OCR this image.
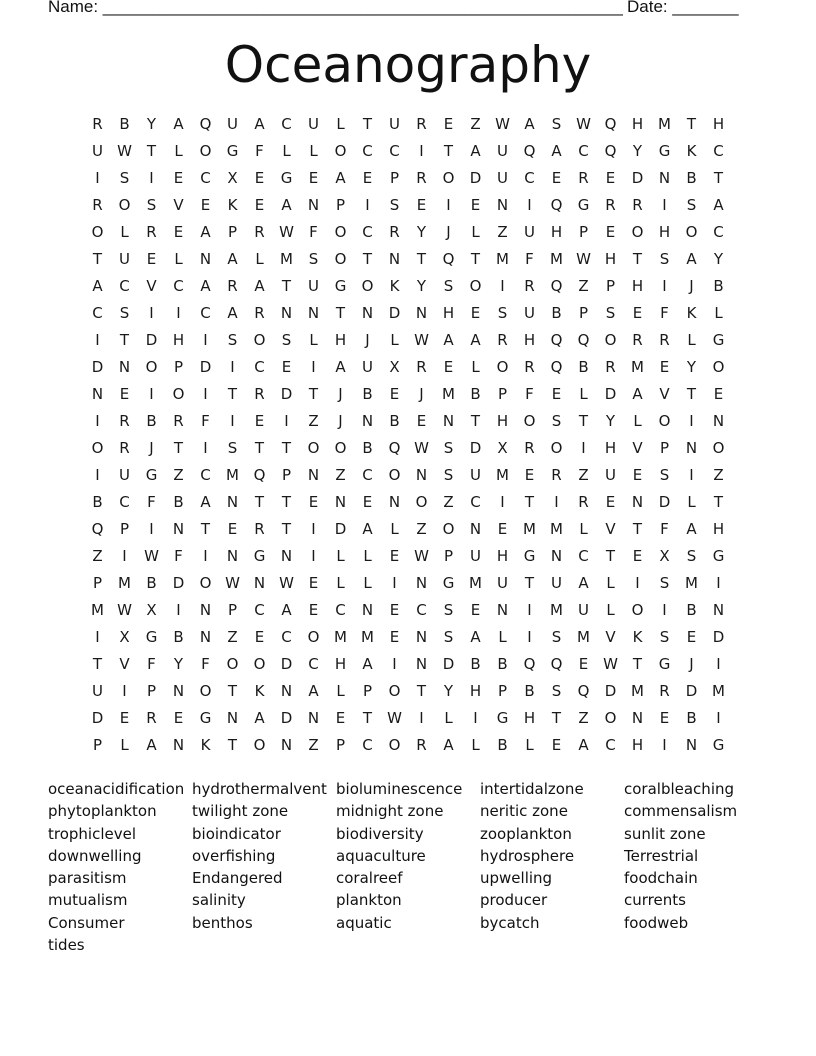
Name: _______________________________________________________ Date: _______
Oceanography
R	B	Y	A	Q	U	A	C	U	L	T	U	R	E	Z W A	S W Q	H M	T	H
U W T	L	O	G	F	L	L	O	C	C	I	T	A	U	Q	A	C	Q	Y	G	K	C
I	S	I	E	C	X	E	G	E	A	E	P	R	O	D	U	C	E	R	E	D	N	B	T
R	O	S	V	E	K	E	A	N	P	I	S	E	I	E	N	I	Q	G	R	R	I	S	A
O	L	R	E	A	P	R W	F	O	C	R	Y	J	L	Z	U	H	P	E	O	H	O	C
T	U	E	L	N	A	L	M	S	O	T	N	T	Q	T	M	F	M W H	T	S	A	Y
A	C	V	C	A	R	A	T	U	G	O	K	Y	S	O	I	R	Q	Z	P	H	I	J	B
C	S	I	I	C	A	R	N	N	T	N	D	N	H	E	S	U	B	P	S	E	F	K	L
I	T	D	H	I	S	O	S	L	H	J	L	W A	A	R	H	Q	Q	O	R	R	L	G
D	N	O	P	D	I	C	E	I	A	U	X	R	E	L	O	R	Q	B	R	M	E	Y	O
N	E	I	O	I	T	R	D	T	J	B	E	J	M	B	P	F	E	L	D	A	V	T	E
I	R	B	R	F	I	E	I	Z	J	N	B	E	N	T	H	O	S	T	Y	L	O	I	N
O	R	J	T	I	S	T	T	O	O	B	Q W S	D	X	R	O	I	H	V	P	N	O
I	U	G	Z	C	M Q	P	N	Z	C	O	N	S	U	M	E	R	Z	U	E	S	I	Z
B	C	F	B	A	N	T	T	E	N	E	N	O	Z	C	I	T	I	R	E	N	D	L	T
Q	P	I	N	T	E	R	T	I	D	A	L	Z	O	N	E	M M	L	V	T	F	A	H
Z	I	W	F	I	N	G	N	I	L	L	E W	P	U	H	G	N	C	T	E	X	S	G
P	M	B	D	O W N W E	L	L	I	N	G M	U	T	U	A	L	I	S	M	I
M W X	I	N	P	C	A	E	C	N	E	C	S	E	N	I	M	U	L	O	I	B	N
I	X	G	B	N	Z	E	C	O M M	E	N	S	A	L	I	S	M	V	K	S	E	D
T	V	F	Y	F	O	O	D	C	H	A	I	N	D	B	B	Q	Q	E W T	G	J	I
U	I	P	N	O	T	K	N	A	L	P	O	T	Y	H	P	B	S	Q	D M	R	D M
D	E	R	E	G	N	A	D	N	E	T	W	I	L	I	G	H	T	Z	O	N	E	B	I
P	L	A	N	K	T	O	N	Z	P	C	O	R	A	L	B	L	E	A	C	H	I	N	G
oceanacidification
phytoplankton
trophiclevel
downwelling
parasitism
mutualism
Consumer
tides
hydrothermalvent
twilight zone
bioindicator
overfishing
Endangered
salinity
benthos
bioluminescence
midnight zone
biodiversity
aquaculture
coralreef
plankton
aquatic
intertidalzone
neritic zone
zooplankton
hydrosphere
upwelling
producer
bycatch
coralbleaching
commensalism
sunlit zone
Terrestrial
foodchain
currents
foodweb
